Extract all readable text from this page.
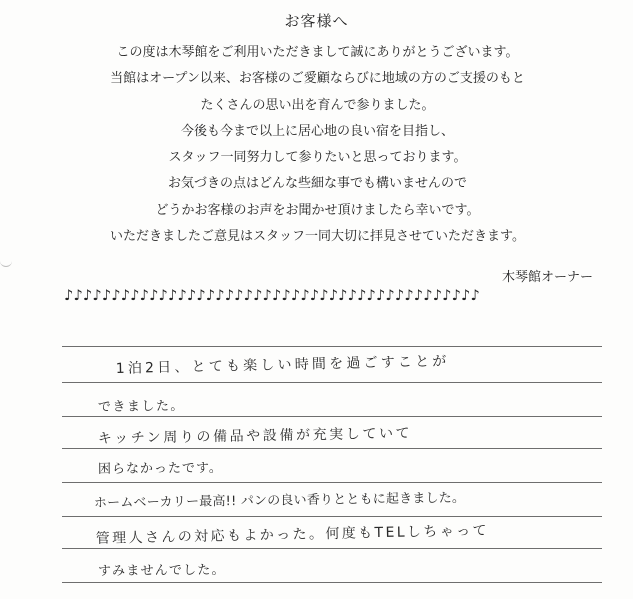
お客様へ
この度は木琴館をご利用いただきまして誠にありがとうございます。
当館はオープン以来、お客様のご愛顧ならびに地域の方のご支援のもと
たくさんの思い出を育んで参りました。
今後も今まで以上に居心地の良い宿を目指し、
スタッフ一同努力して参りたいと思っております。
お気づきの点はどんな些細な事でも構いませんので
どうかお客様のお声をお聞かせ頂けましたら幸いです。
いただきましたご意見はスタッフ一同大切に拝見させていただきます。
木琴館オーナー
♪♪♪♪♪♪♪♪♪♪♪♪♪♪♪♪♪♪♪♪♪♪♪♪♪♪♪♪♪♪♪♪♪♪♪♪♪♪♪♪♪♪♪♪
1泊2日、とても楽しい時間を過ごすことが
できました。
キッチン周りの備品や設備が充実していて
困らなかったです。
ホームベーカリー最高!! パンの良い香りとともに起きました。
管理人さんの対応もよかった。何度もTELしちゃって
すみませんでした。
